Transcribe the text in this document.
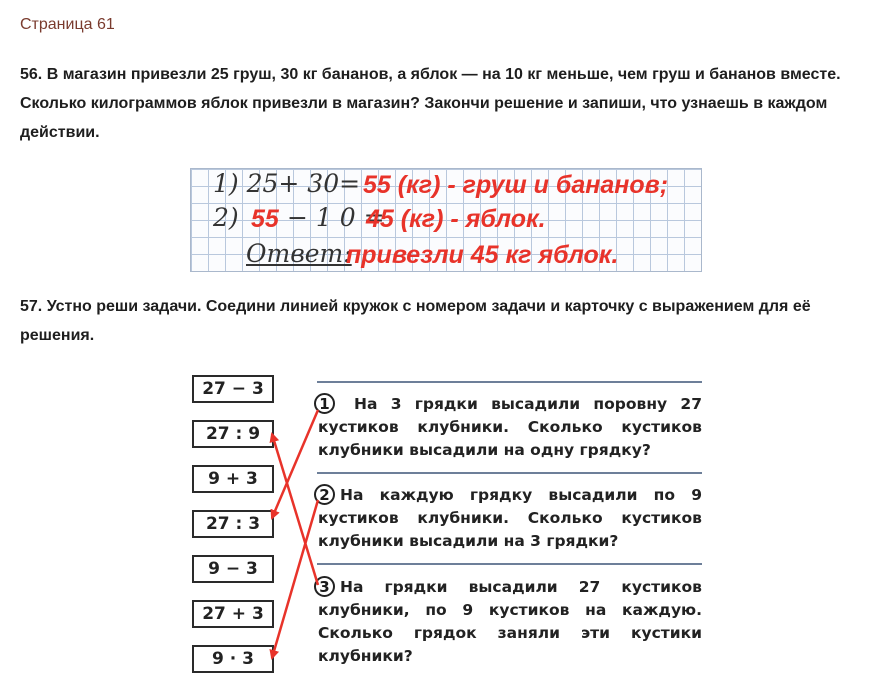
Страница 61

56. В магазин привезли 25 груш, 30 кг бананов, а яблок — на 10 кг меньше, чем груш и бананов вместе. Сколько килограммов яблок привезли в магазин? Закончи решение и запиши, что узнаешь в каждом действии.

1) 25+ 30= 55 (кг) - груш и бананов;
2) 55 − 1 0 =
45 (кг) - яблок.
Ответ:
привезли 45 кг яблок.

57. Устно реши задачи. Соедини линией кружок с номером задачи и карточку с выражением для её решения.

27 − 3
27 : 9
9 + 3
27 : 3
9 − 3
27 + 3
9 · 3
1	На 3 грядки высадили поровну 27 кустиков клубники. Сколько кустиков клубники высадили на одну грядку?

2 На каждую грядку высадили по 9 кустиков клубники. Сколько кустиков клубники высадили на 3 грядки?

3 На грядки высадили 27 кустиков клубники, по 9 кустиков на каждую. Сколько грядок заняли эти кустики клубники?
